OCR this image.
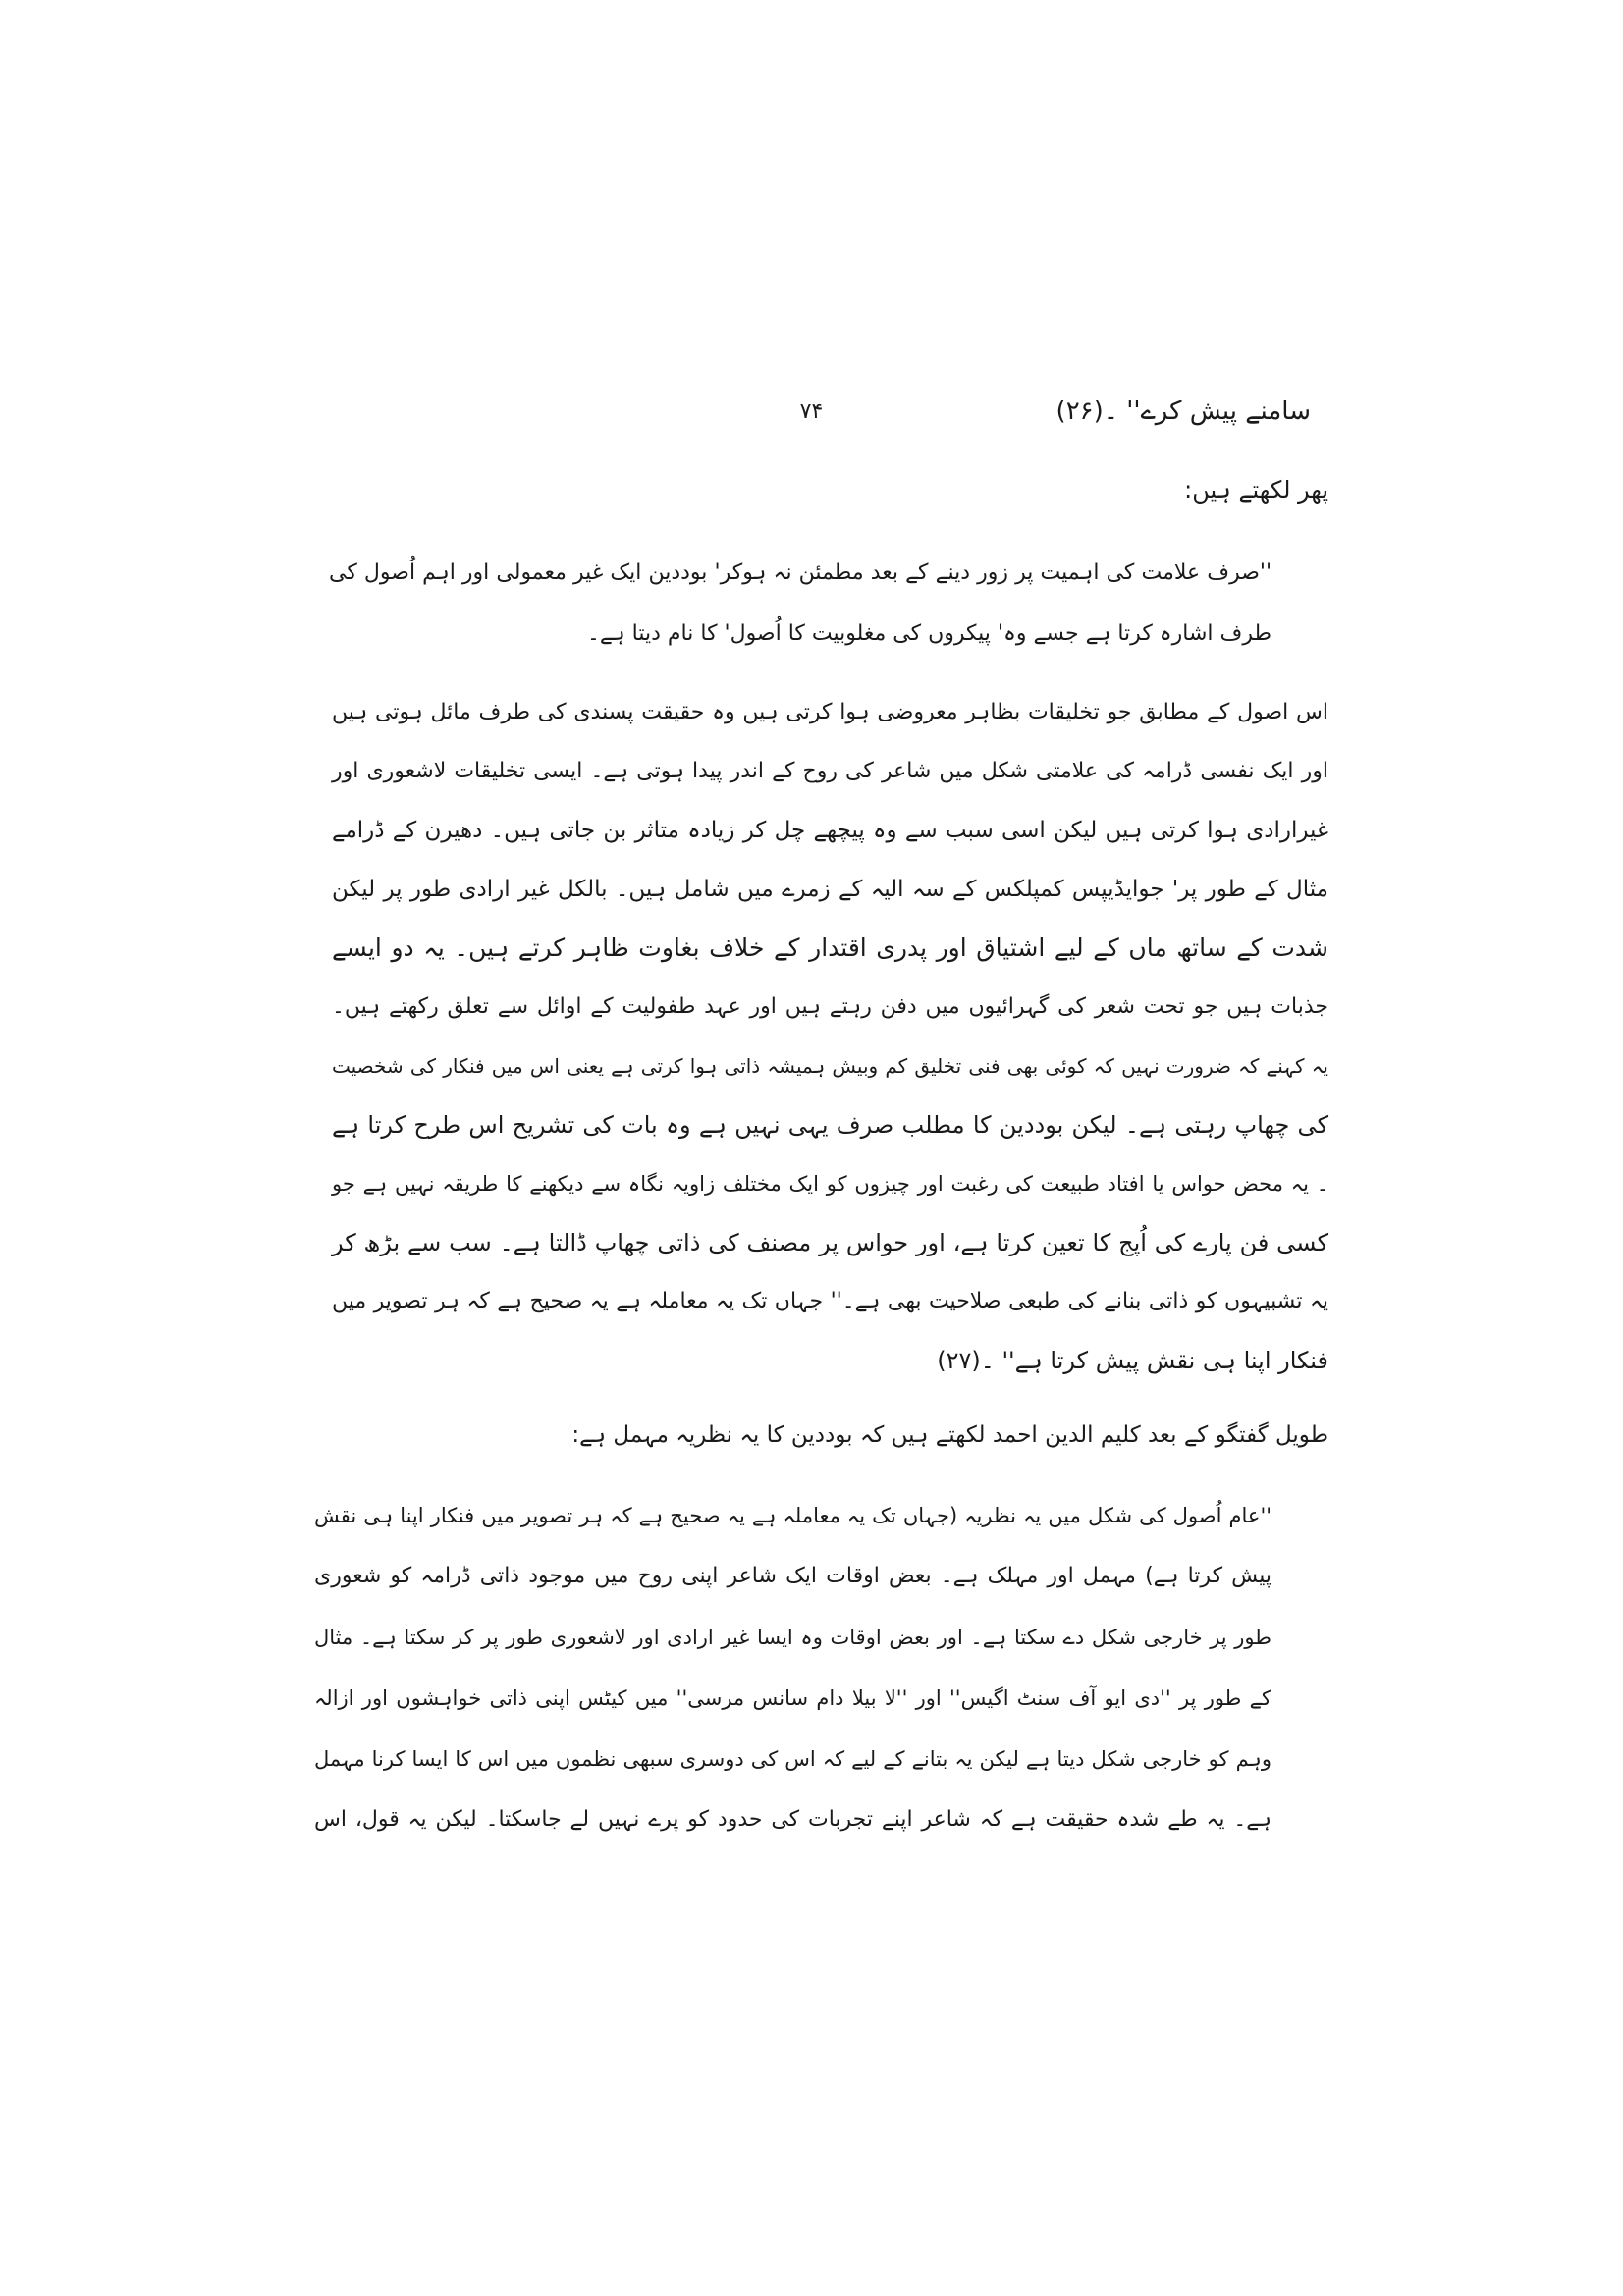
۷۴	سامنے پیش کرے'' ۔(۲۶)
پھر لکھتے ہیں:
''صرف علامت کی اہمیت پر زور دینے کے بعد مطمئن نہ ہوکر' بوددین ایک غیر معمولی اور اہم اُصول کی
طرف اشارہ کرتا ہے جسے وہ' پیکروں کی مغلوبیت کا اُصول' کا نام دیتا ہے۔
اس اصول کے مطابق جو تخلیقات بظاہر معروضی ہوا کرتی ہیں وہ حقیقت پسندی کی طرف مائل ہوتی ہیں
اور ایک نفسی ڈرامہ کی علامتی شکل میں شاعر کی روح کے اندر پیدا ہوتی ہے۔ ایسی تخلیقات لاشعوری اور
غیرارادی ہوا کرتی ہیں لیکن اسی سبب سے وہ پیچھے چل کر زیادہ متاثر بن جاتی ہیں۔ دھیرن کے ڈرامے
مثال کے طور پر' جوایڈیپس کمپلکس کے سہ الیہ کے زمرے میں شامل ہیں۔ بالکل غیر ارادی طور پر لیکن
شدت کے ساتھ ماں کے لیے اشتیاق اور پدری اقتدار کے خلاف بغاوت ظاہر کرتے ہیں۔ یہ دو ایسے
جذبات ہیں جو تحت شعر کی گہرائیوں میں دفن رہتے ہیں اور عہد طفولیت کے اوائل سے تعلق رکھتے ہیں۔
یہ کہنے کہ ضرورت نہیں کہ کوئی بھی فنی تخلیق کم وبیش ہمیشہ ذاتی ہوا کرتی ہے یعنی اس میں فنکار کی شخصیت
کی چھاپ رہتی ہے۔ لیکن بوددین کا مطلب صرف یہی نہیں ہے وہ بات کی تشریح اس طرح کرتا ہے
۔ یہ محض حواس یا افتاد طبیعت کی رغبت اور چیزوں کو ایک مختلف زاویہ نگاہ سے دیکھنے کا طریقہ نہیں ہے جو
کسی فن پارے کی اُپج کا تعین کرتا ہے، اور حواس پر مصنف کی ذاتی چھاپ ڈالتا ہے۔ سب سے بڑھ کر
یہ تشبیہوں کو ذاتی بنانے کی طبعی صلاحیت بھی ہے۔'' جہاں تک یہ معاملہ ہے یہ صحیح ہے کہ ہر تصویر میں
فنکار اپنا ہی نقش پیش کرتا ہے'' ۔(۲۷)
طویل گفتگو کے بعد کلیم الدین احمد لکھتے ہیں کہ بوددین کا یہ نظریہ مہمل ہے:
''عام اُصول کی شکل میں یہ نظریہ (جہاں تک یہ معاملہ ہے یہ صحیح ہے کہ ہر تصویر میں فنکار اپنا ہی نقش
پیش کرتا ہے) مہمل اور مہلک ہے۔ بعض اوقات ایک شاعر اپنی روح میں موجود ذاتی ڈرامہ کو شعوری
طور پر خارجی شکل دے سکتا ہے۔ اور بعض اوقات وہ ایسا غیر ارادی اور لاشعوری طور پر کر سکتا ہے۔ مثال
کے طور پر ''دی ایو آف سنٹ اگیس'' اور ''لا بیلا دام سانس مرسی'' میں کیٹس اپنی ذاتی خواہشوں اور ازالہ
وہم کو خارجی شکل دیتا ہے لیکن یہ بتانے کے لیے کہ اس کی دوسری سبھی نظموں میں اس کا ایسا کرنا مہمل
ہے۔ یہ طے شدہ حقیقت ہے کہ شاعر اپنے تجربات کی حدود کو پرے نہیں لے جاسکتا۔ لیکن یہ قول، اس
